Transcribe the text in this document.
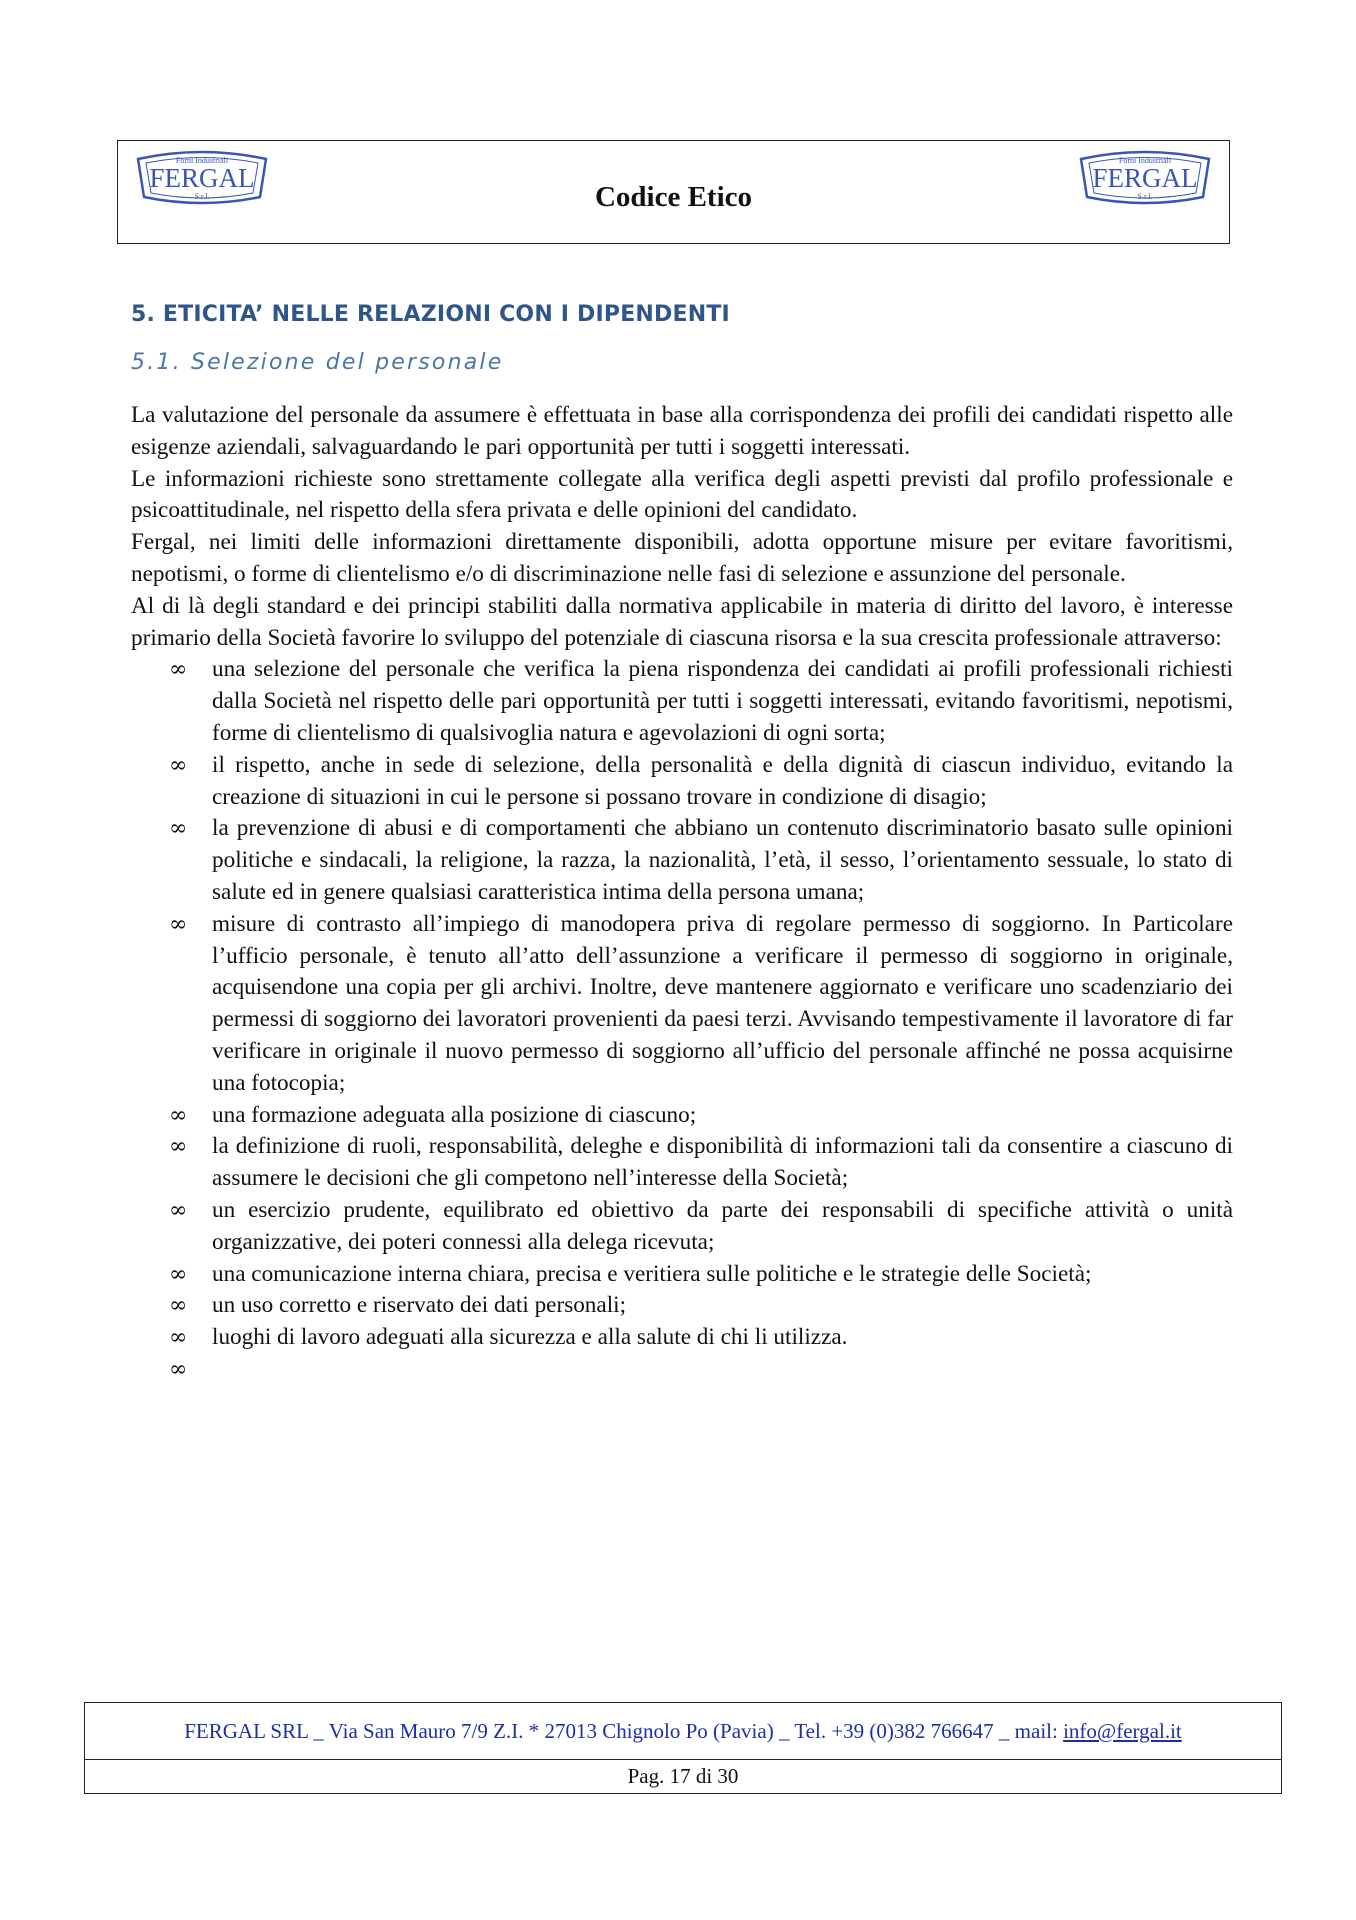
Forni Industriali
FERGAL
S.r.l.	Codice Etico
Forni Industriali
FERGAL
S.r.l.
5. ETICITA’ NELLE RELAZIONI CON I DIPENDENTI
5.1. Selezione del personale

La valutazione del personale da assumere è effettuata in base alla corrispondenza dei profili dei candidati rispetto alle esigenze aziendali, salvaguardando le pari opportunità per tutti i soggetti interessati.

Le informazioni richieste sono strettamente collegate alla verifica degli aspetti previsti dal profilo professionale e psicoattitudinale, nel rispetto della sfera privata e delle opinioni del candidato.

Fergal, nei limiti delle informazioni direttamente disponibili, adotta opportune misure per evitare favoritismi, nepotismi, o forme di clientelismo e/o di discriminazione nelle fasi di selezione e assunzione del personale.

Al di là degli standard e dei principi stabiliti dalla normativa applicabile in materia di diritto del lavoro, è interesse primario della Società favorire lo sviluppo del potenziale di ciascuna risorsa e la sua crescita professionale attraverso:

∞ una selezione del personale che verifica la piena rispondenza dei candidati ai profili professionali richiesti dalla Società nel rispetto delle pari opportunità per tutti i soggetti interessati, evitando favoritismi, nepotismi, forme di clientelismo di qualsivoglia natura e agevolazioni di ogni sorta;
∞ il rispetto, anche in sede di selezione, della personalità e della dignità di ciascun individuo, evitando la creazione di situazioni in cui le persone si possano trovare in condizione di disagio;
∞ la prevenzione di abusi e di comportamenti che abbiano un contenuto discriminatorio basato sulle opinioni politiche e sindacali, la religione, la razza, la nazionalità, l’età, il sesso, l’orientamento sessuale, lo stato di salute ed in genere qualsiasi caratteristica intima della persona umana;
∞ misure di contrasto all’impiego di manodopera priva di regolare permesso di soggiorno. In Particolare l’ufficio personale, è tenuto all’atto dell’assunzione a verificare il permesso di soggiorno in originale, acquisendone una copia per gli archivi. Inoltre, deve mantenere aggiornato e verificare uno scadenziario dei permessi di soggiorno dei lavoratori provenienti da paesi terzi. Avvisando tempestivamente il lavoratore di far verificare in originale il nuovo permesso di soggiorno all’ufficio del personale affinché ne possa acquisirne una fotocopia;
∞ una formazione adeguata alla posizione di ciascuno;
∞ la definizione di ruoli, responsabilità, deleghe e disponibilità di informazioni tali da consentire a ciascuno di assumere le decisioni che gli competono nell’interesse della Società;
∞ un esercizio prudente, equilibrato ed obiettivo da parte dei responsabili di specifiche attività o unità organizzative, dei poteri connessi alla delega ricevuta;
∞ una comunicazione interna chiara, precisa e veritiera sulle politiche e le strategie delle Società;
∞ un uso corretto e riservato dei dati personali;
∞ luoghi di lavoro adeguati alla sicurezza e alla salute di chi li utilizza.
∞
FERGAL SRL _ Via San Mauro 7/9 Z.I. * 27013 Chignolo Po (Pavia) _ Tel. +39 (0)382 766647 _ mail: info@fergal.it
Pag. 17 di 30
